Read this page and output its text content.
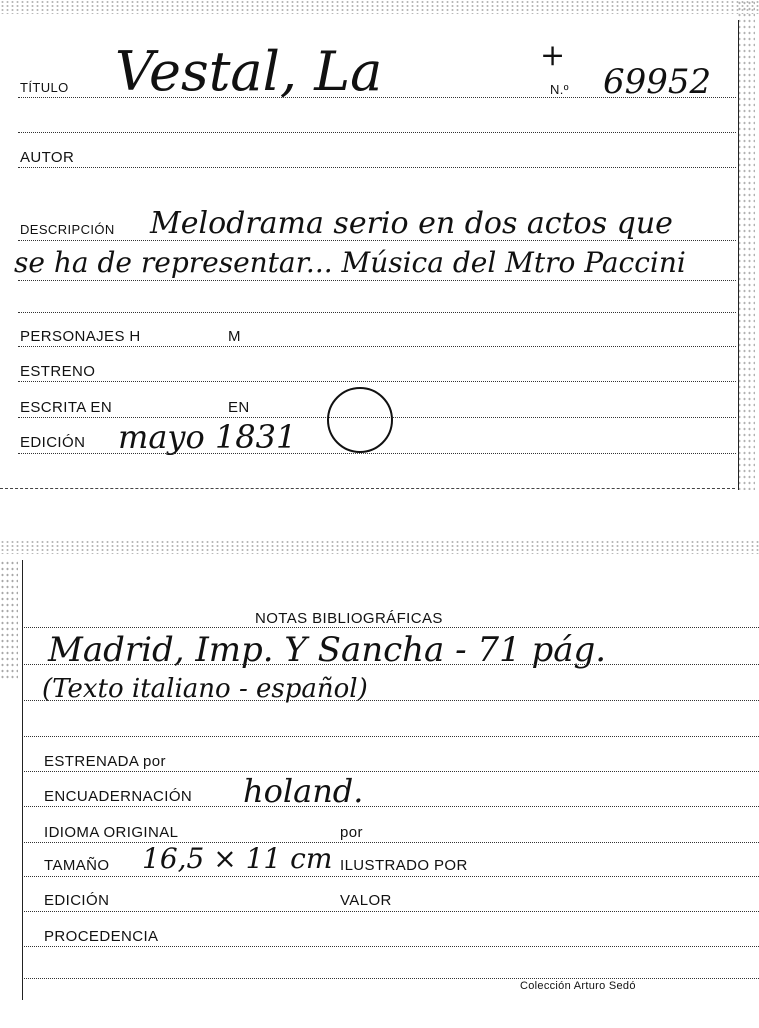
TÍTULO Vestal, La	+
N.º 69952
AUTOR
DESCRIPCIÓN Melodrama serio en dos actos que
se ha de representar... Música del Mtro Paccini
PERSONAJES H	M
ESTRENO
ESCRITA EN	EN
EDICIÓN mayo 1831
NOTAS BIBLIOGRÁFICAS
Madrid, Imp. Y Sancha - 71 pág.
(Texto italiano - español)
ESTRENADA por
ENCUADERNACIÓN holand.
IDIOMA ORIGINAL	por
TAMAÑO 16,5 × 11 cm ILUSTRADO POR
EDICIÓN	VALOR
PROCEDENCIA
Colección Arturo Sedó
